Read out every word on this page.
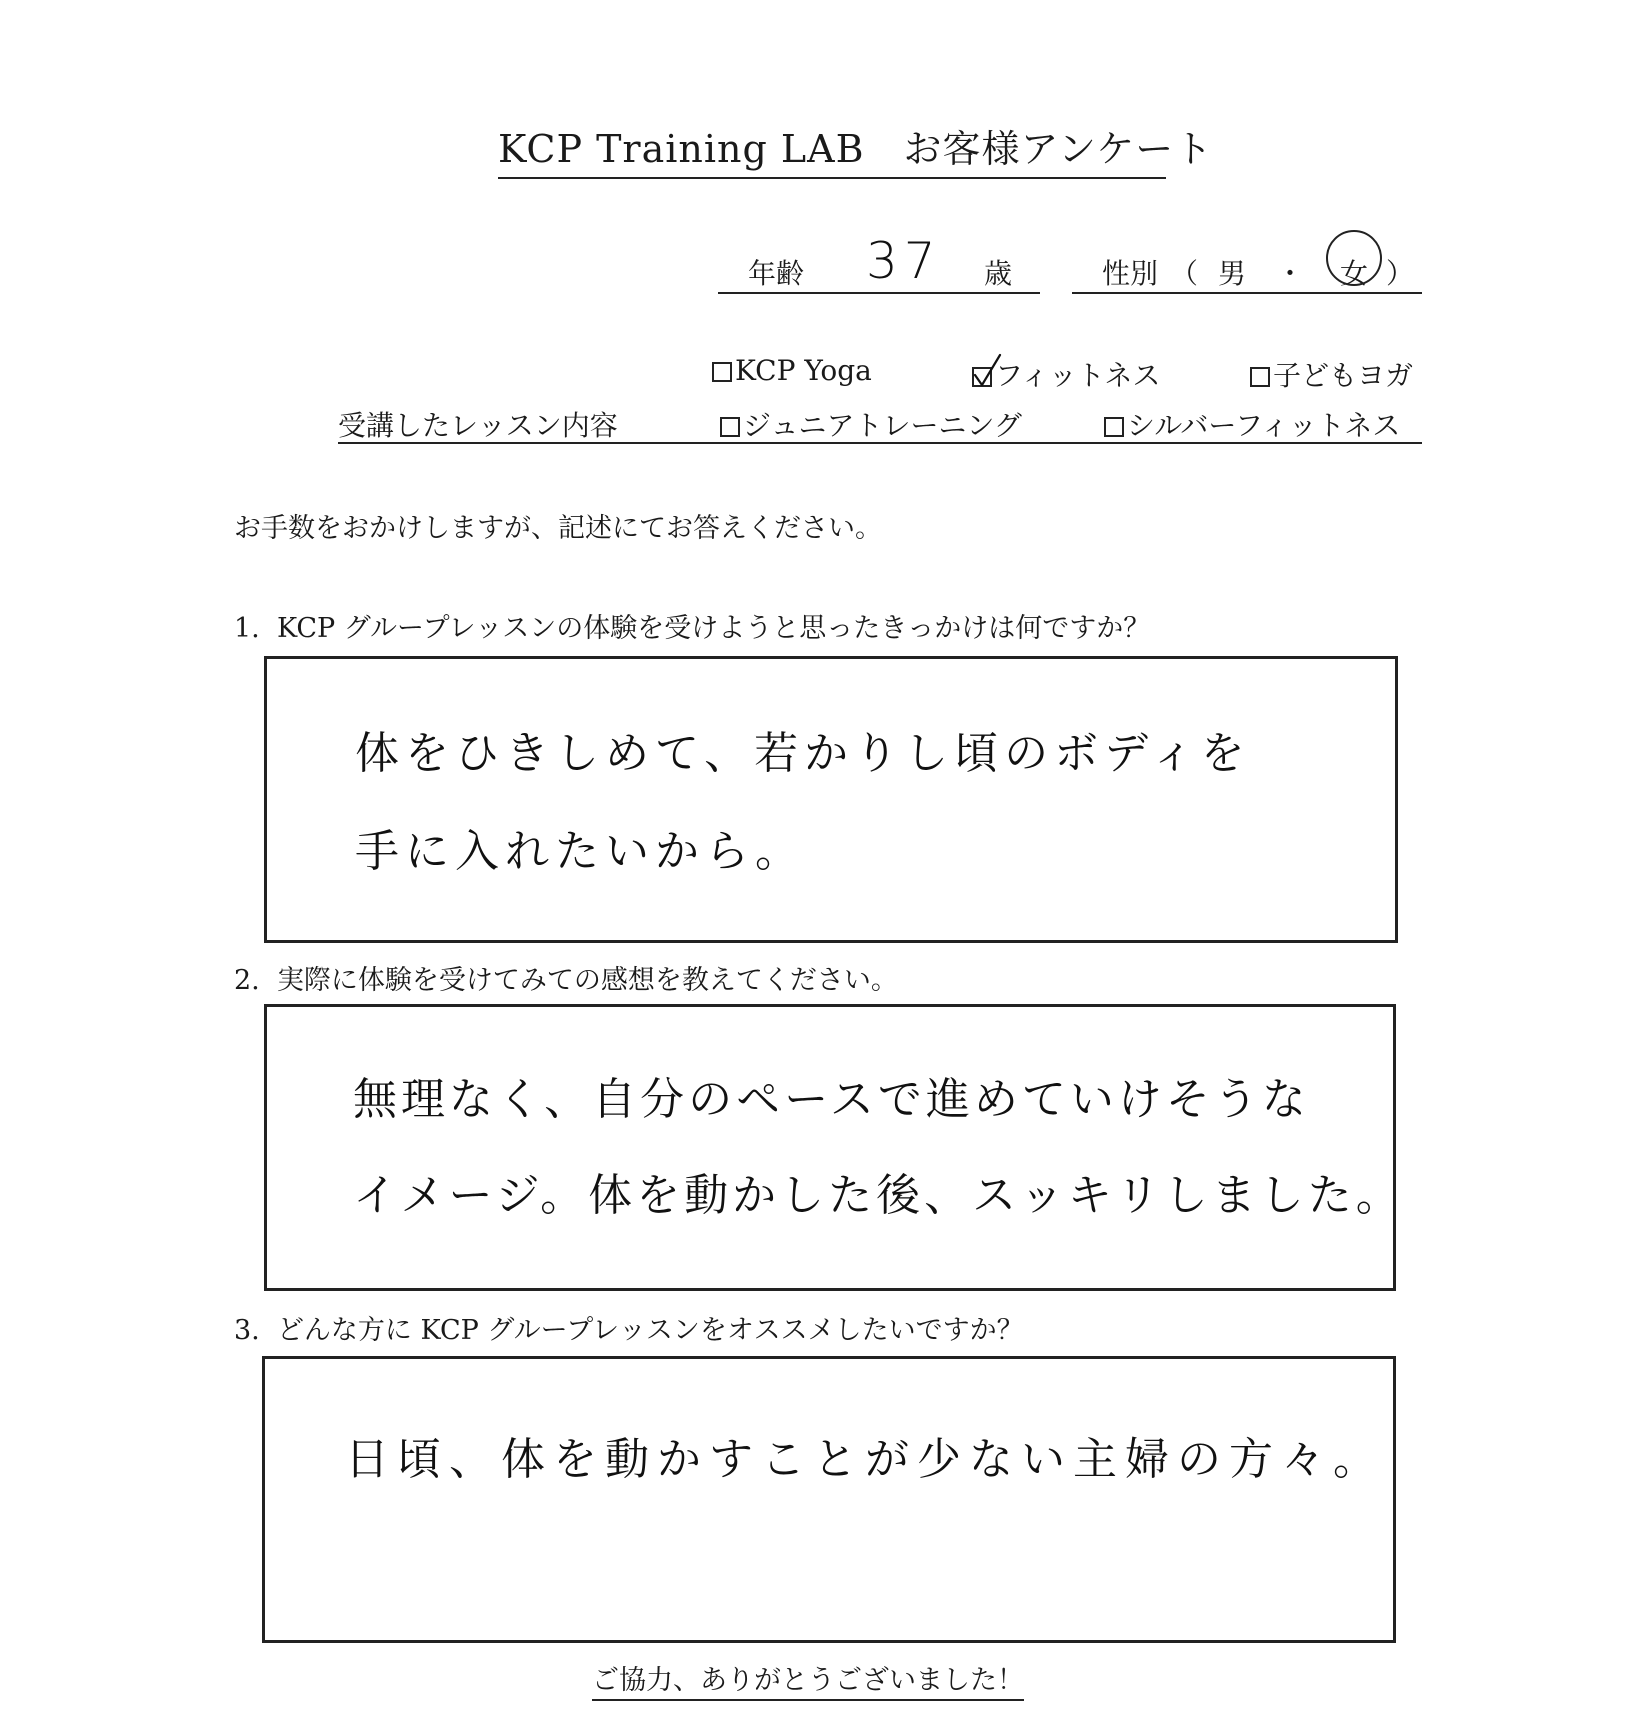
KCP Training LAB　お客様アンケート
年齢 37 歳	性別 （ 男 ・ 女 ）
KCP Yoga	フィットネス	子どもヨガ
受講したレッスン内容	ジュニアトレーニング	シルバーフィットネス
お手数をおかけしますが、記述にてお答えください。
1. KCP グループレッスンの体験を受けようと思ったきっかけは何ですか？
体をひきしめて、若かりし頃のボディを
手に入れたいから。
2. 実際に体験を受けてみての感想を教えてください。
無理なく、自分のペースで進めていけそうな
イメージ。体を動かした後、スッキリしました。
3. どんな方に KCP グループレッスンをオススメしたいですか？
日頃、体を動かすことが少ない主婦の方々。
ご協力、ありがとうございました！
